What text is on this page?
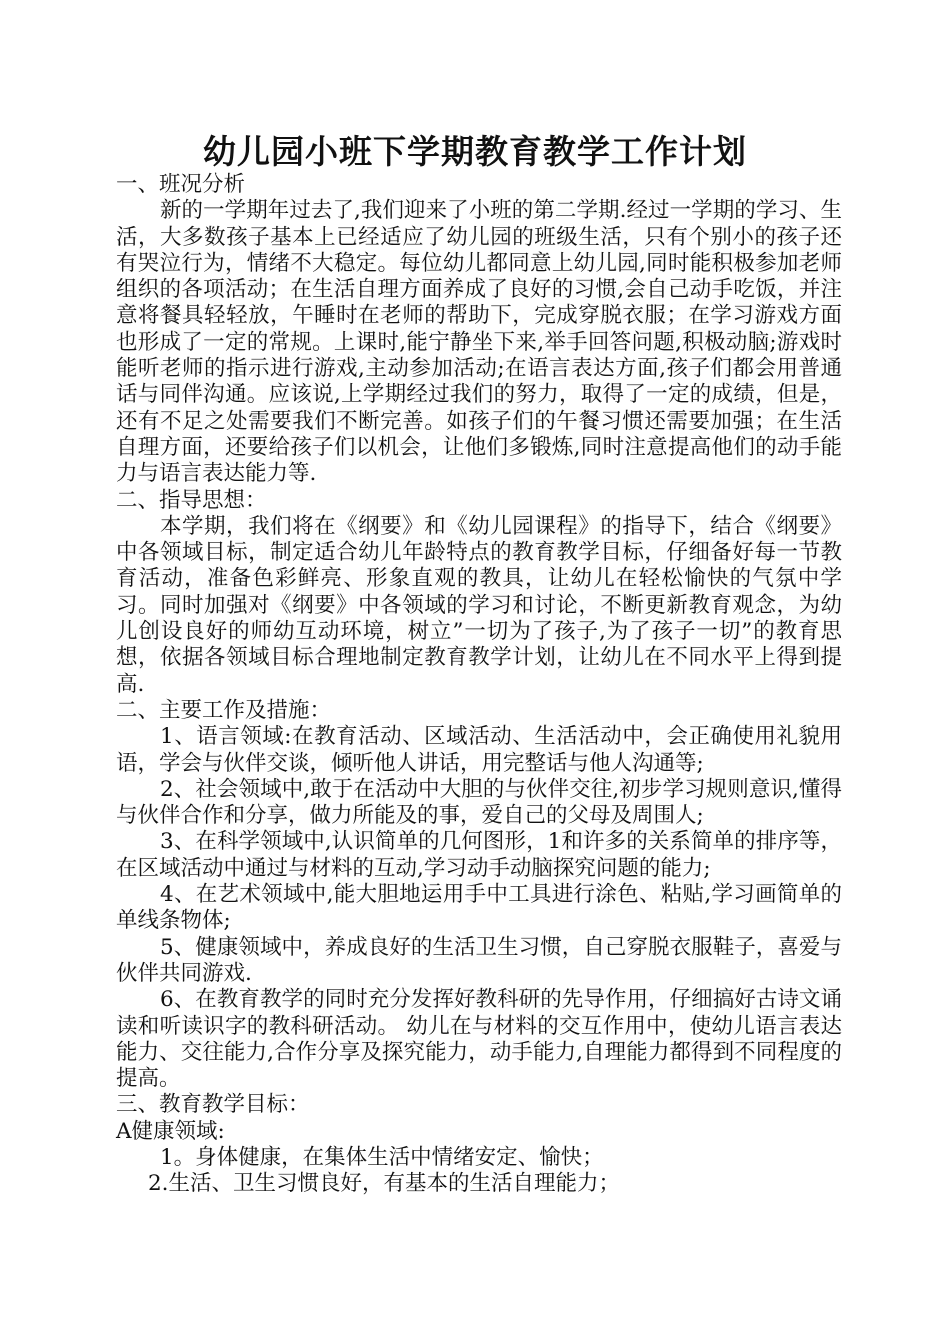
幼儿园小班下学期教育教学工作计划

一、班况分析

新的一学期年过去了,我们迎来了小班的第二学期.经过一学期的学习、生活，大多数孩子基本上已经适应了幼儿园的班级生活，只有个别小的孩子还有哭泣行为，情绪不大稳定。每位幼儿都同意上幼儿园,同时能积极参加老师组织的各项活动；在生活自理方面养成了良好的习惯,会自己动手吃饭，并注意将餐具轻轻放，午睡时在老师的帮助下，完成穿脱衣服；在学习游戏方面也形成了一定的常规。上课时,能宁静坐下来,举手回答问题,积极动脑;游戏时能听老师的指示进行游戏,主动参加活动;在语言表达方面,孩子们都会用普通话与同伴沟通。应该说,上学期经过我们的努力，取得了一定的成绩，但是，还有不足之处需要我们不断完善。如孩子们的午餐习惯还需要加强；在生活自理方面，还要给孩子们以机会，让他们多锻炼,同时注意提高他们的动手能力与语言表达能力等.

二、指导思想：

本学期，我们将在《纲要》和《幼儿园课程》的指导下，结合《纲要》中各领域目标，制定适合幼儿年龄特点的教育教学目标，仔细备好每一节教育活动，准备色彩鲜亮、形象直观的教具，让幼儿在轻松愉快的气氛中学习。同时加强对《纲要》中各领域的学习和讨论，不断更新教育观念，为幼儿创设良好的师幼互动环境，树立”一切为了孩子,为了孩子一切”的教育思想，依据各领域目标合理地制定教育教学计划，让幼儿在不同水平上得到提高.

二、主要工作及措施：

1、语言领域:在教育活动、区域活动、生活活动中，会正确使用礼貌用语，学会与伙伴交谈，倾听他人讲话，用完整话与他人沟通等;

2、社会领域中,敢于在活动中大胆的与伙伴交往,初步学习规则意识,懂得与伙伴合作和分享，做力所能及的事，爱自己的父母及周围人;

3、在科学领域中,认识简单的几何图形，1和许多的关系简单的排序等，在区域活动中通过与材料的互动,学习动手动脑探究问题的能力;

4、在艺术领域中,能大胆地运用手中工具进行涂色、粘贴,学习画简单的单线条物体;

5、健康领域中，养成良好的生活卫生习惯，自己穿脱衣服鞋子，喜爱与伙伴共同游戏.

6、在教育教学的同时充分发挥好教科研的先导作用，仔细搞好古诗文诵读和听读识字的教科研活动。 幼儿在与材料的交互作用中，使幼儿语言表达能力、交往能力,合作分享及探究能力，动手能力,自理能力都得到不同程度的提高。

三、教育教学目标：

A健康领域:

1。身体健康，在集体生活中情绪安定、愉快；

2.生活、卫生习惯良好，有基本的生活自理能力；
